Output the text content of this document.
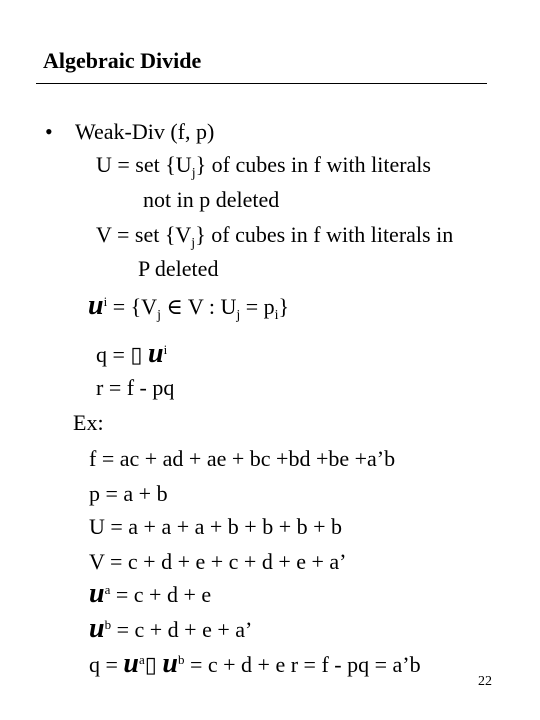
Algebraic Divide
• Weak-Div (f, p)
U = set $\{U_j\}$ of cubes in f with literals
not in p deleted
V = set $\{V_j\}$ of cubes in f with literals in
P deleted
$u^i = \{V_j$ ∈ V : $U_j = p_i$}
q = ▯ $u^i$
r = f - pq
Ex:
f = ac + ad + ae + bc +bd +be +a’b
p = a + b
U = a + a + a + b + b + b + b
V = c + d + e + c + d + e + a’
$u^a = c + d + e$
$u^b = c + d + e + a$’
$q = u^a▯$ $u^b = c + d + e$ r = f - pq = a’b
22
